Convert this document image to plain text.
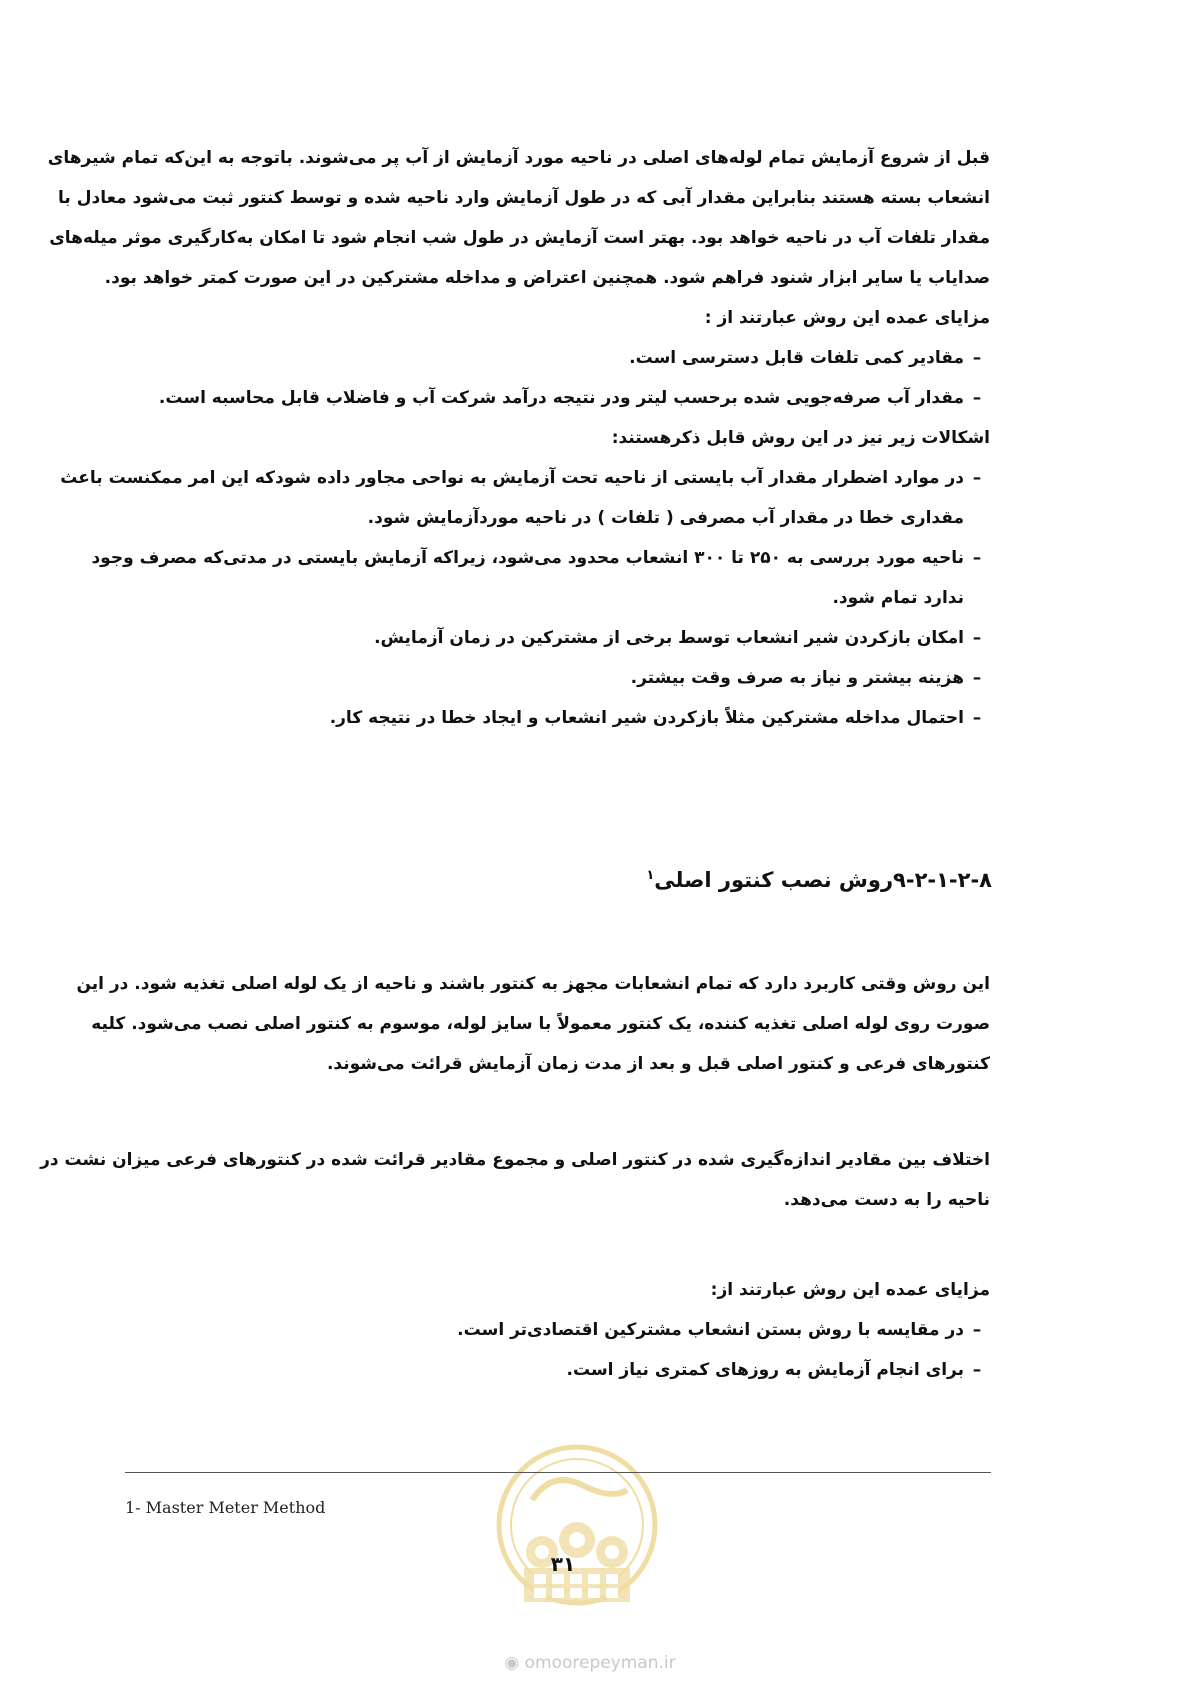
قبل از شروع آزمایش تمام لوله‌های اصلی در ناحیه مورد آزمایش از آب پر می‌شوند. باتوجه به این‌که تمام شیرهای
انشعاب بسته هستند بنابراین مقدار آبی که در طول آزمایش وارد ناحیه شده و توسط کنتور ثبت می‌شود معادل با
مقدار تلفات آب در ناحیه خواهد بود. بهتر است آزمایش در طول شب انجام شود تا امکان به‌کارگیری موثر میله‌های
صدایاب یا سایر ابزار شنود فراهم شود. همچنین اعتراض و مداخله مشترکین در این صورت کمتر خواهد بود.
مزایای عمده این روش عبارتند از :
–مقادیر کمی تلفات قابل دسترسی است.
–مقدار آب صرفه‌جویی شده برحسب لیتر ودر نتیجه درآمد شرکت آب و فاضلاب قابل محاسبه است.
اشکالات زیر نیز در این روش قابل ذکرهستند:
–در موارد اضطرار مقدار آب بایستی از ناحیه تحت آزمایش به نواحی مجاور داده شودکه این امر ممکنست باعث
مقداری خطا در مقدار آب مصرفی ( تلفات ) در ناحیه موردآزمایش شود.
–ناحیه مورد بررسی به ۲۵۰ تا ۳۰۰ انشعاب محدود می‌شود، زیراکه آزمایش بایستی در مدتی‌که مصرف وجود
ندارد تمام شود.
–امکان بازکردن شیر انشعاب توسط برخی از مشترکین در زمان آزمایش.
–هزینه بیشتر و نیاز به صرف وقت بیشتر.
–احتمال مداخله مشترکین مثلاً بازکردن شیر انشعاب و ایجاد خطا در نتیجه کار.
۹-۲-۱-۲-۸روش نصب کنتور اصلی$^۱$
این روش وقتی کاربرد دارد که تمام انشعابات مجهز به کنتور باشند و ناحیه از یک لوله اصلی تغذیه شود. در این
صورت روی لوله اصلی تغذیه کننده، یک کنتور معمولاً با سایز لوله، موسوم به کنتور اصلی نصب می‌شود. کلیه
کنتورهای فرعی و کنتور اصلی قبل و بعد از مدت زمان آزمایش قرائت می‌شوند.
اختلاف بین مقادیر اندازه‌گیری شده در کنتور اصلی و مجموع مقادیر قرائت شده در کنتورهای فرعی میزان نشت در
ناحیه را به دست می‌دهد.
مزایای عمده این روش عبارتند از:
–در مقایسه با روش بستن انشعاب مشترکین اقتصادی‌تر است.
–برای انجام آزمایش به روزهای کمتری نیاز است.
1- Master Meter Method
۳۱
◉ omoorepeyman.ir
